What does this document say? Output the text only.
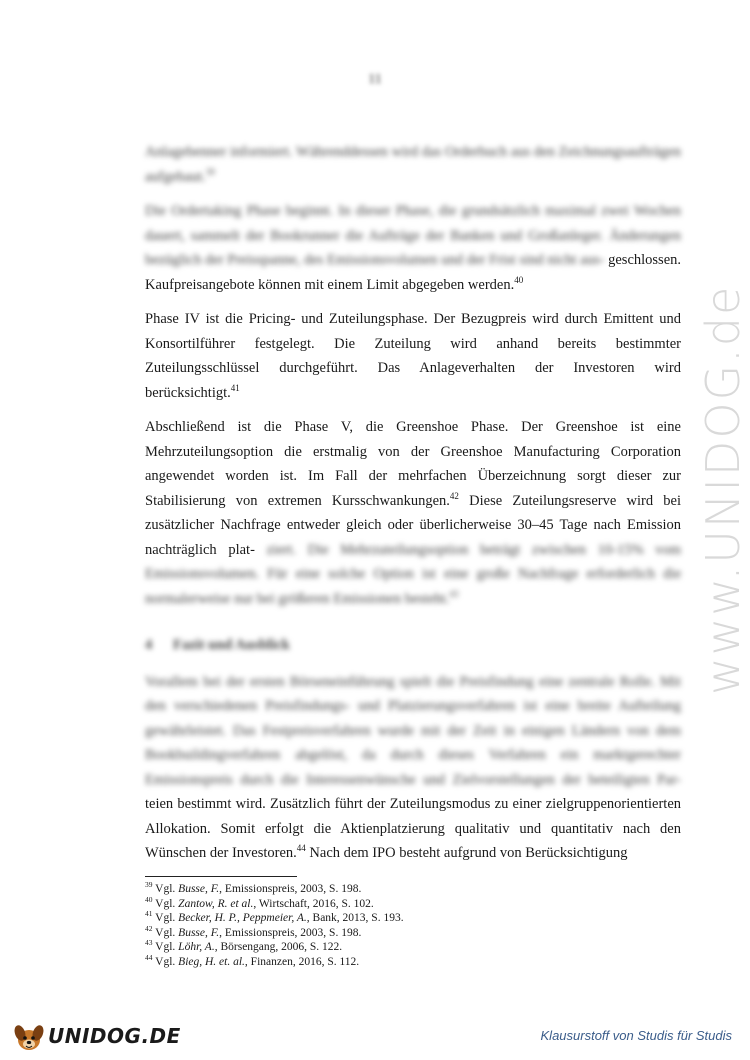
11

Anlagebenner informiert. Währenddessen wird das Orderbuch aus den Zeichnungsaufträgen aufgebaut.$^{39}$

Die Ordertaking Phase beginnt. In dieser Phase, die grundsätzlich maximal zwei Wochen dauert, sammelt der Bookrunner die Aufträge der Banken und Großanleger. Änderungen bezüglich der Preisspanne, des Emissionsvolumen und der Frist sind nicht aus- geschlossen. Kaufpreisangebote können mit einem Limit abgegeben werden.$^{40}$

Phase IV ist die Pricing- und Zuteilungsphase. Der Bezugpreis wird durch Emittent und Konsortilführer festgelegt. Die Zuteilung wird anhand bereits bestimmter Zuteilungsschlüssel durchgeführt. Das Anlageverhalten der Investoren wird berücksichtigt.$^{41}$

Abschließend ist die Phase V, die Greenshoe Phase. Der Greenshoe ist eine Mehrzuteilungsoption die erstmalig von der Greenshoe Manufacturing Corporation angewendet worden ist. Im Fall der mehrfachen Überzeichnung sorgt dieser zur Stabilisierung von extremen Kursschwankungen.$^{42}$ Diese Zuteilungsreserve wird bei zusätzlicher Nachfrage entweder gleich oder überlicherweise 30–45 Tage nach Emission nachträglich plat- ziert. Die Mehrzuteilungsoption beträgt zwischen 10-15% vom Emissionsvolumen. Für eine solche Option ist eine große Nachfrage erforderlich die normalerweise nur bei größeren Emissionen besteht.$^{43}$

4 Fazit und Ausblick

Vorallem bei der ersten Börseneinführung spielt die Preisfindung eine zentrale Rolle. Mit den verschiedenen Preisfindungs- und Platzierungsverfahren ist eine breite Aufteilung gewährleistet. Das Festpreisverfahren wurde mit der Zeit in einigen Ländern von dem Bookbuildingverfahren abgelöst, da durch dieses Verfahren ein marktgerechter Emissionspreis durch die Interessenwünsche und Zielvorstellungen der beteiligten Par- teien bestimmt wird. Zusätzlich führt der Zuteilungsmodus zu einer zielgruppenorientierten Allokation. Somit erfolgt die Aktienplatzierung qualitativ und quantitativ nach den Wünschen der Investoren.$^{44}$ Nach dem IPO besteht aufgrund von Berücksichtigung

$^{39}$ Vgl. Busse, F., Emissionspreis, 2003, S. 198.
$^{40}$ Vgl. Zantow, R. et al., Wirtschaft, 2016, S. 102.
$^{41}$ Vgl. Becker, H. P., Peppmeier, A., Bank, 2013, S. 193.
$^{42}$ Vgl. Busse, F., Emissionspreis, 2003, S. 198.
$^{43}$ Vgl. Löhr, A., Börsengang, 2006, S. 122.
$^{44}$ Vgl. Bieg, H. et. al., Finanzen, 2016, S. 112.
www.UNIDOG.de
UNIDOG.DE	Klausurstoff von Studis für Studis
